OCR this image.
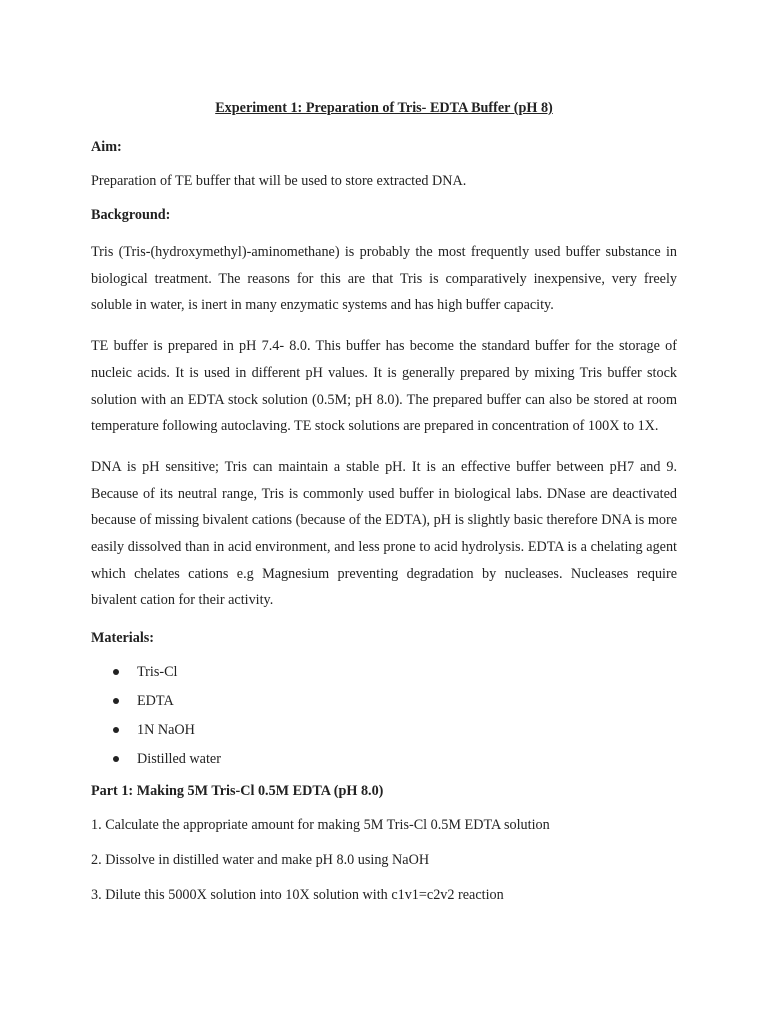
Experiment 1: Preparation of Tris- EDTA Buffer (pH 8)
Aim:
Preparation of TE buffer that will be used to store extracted DNA.
Background:
Tris (Tris-(hydroxymethyl)-aminomethane) is probably the most frequently used buffer substance in biological treatment. The reasons for this are that Tris is comparatively inexpensive, very freely soluble in water, is inert in many enzymatic systems and has high buffer capacity.
TE buffer is prepared in pH 7.4- 8.0. This buffer has become the standard buffer for the storage of nucleic acids. It is used in different pH values. It is generally prepared by mixing Tris buffer stock solution with an EDTA stock solution (0.5M; pH 8.0). The prepared buffer can also be stored at room temperature following autoclaving. TE stock solutions are prepared in concentration of 100X to 1X.
DNA is pH sensitive; Tris can maintain a stable pH. It is an effective buffer between pH7 and 9. Because of its neutral range, Tris is commonly used buffer in biological labs. DNase are deactivated because of missing bivalent cations (because of the EDTA), pH is slightly basic therefore DNA is more easily dissolved than in acid environment, and less prone to acid hydrolysis. EDTA is a chelating agent which chelates cations e.g Magnesium preventing degradation by nucleases. Nucleases require bivalent cation for their activity.
Materials:
Tris-Cl
EDTA
1N NaOH
Distilled water
Part 1: Making 5M Tris-Cl 0.5M EDTA (pH 8.0)
1. Calculate the appropriate amount for making 5M Tris-Cl 0.5M EDTA solution
2. Dissolve in distilled water and make pH 8.0 using NaOH
3. Dilute this 5000X solution into 10X solution with c1v1=c2v2 reaction
